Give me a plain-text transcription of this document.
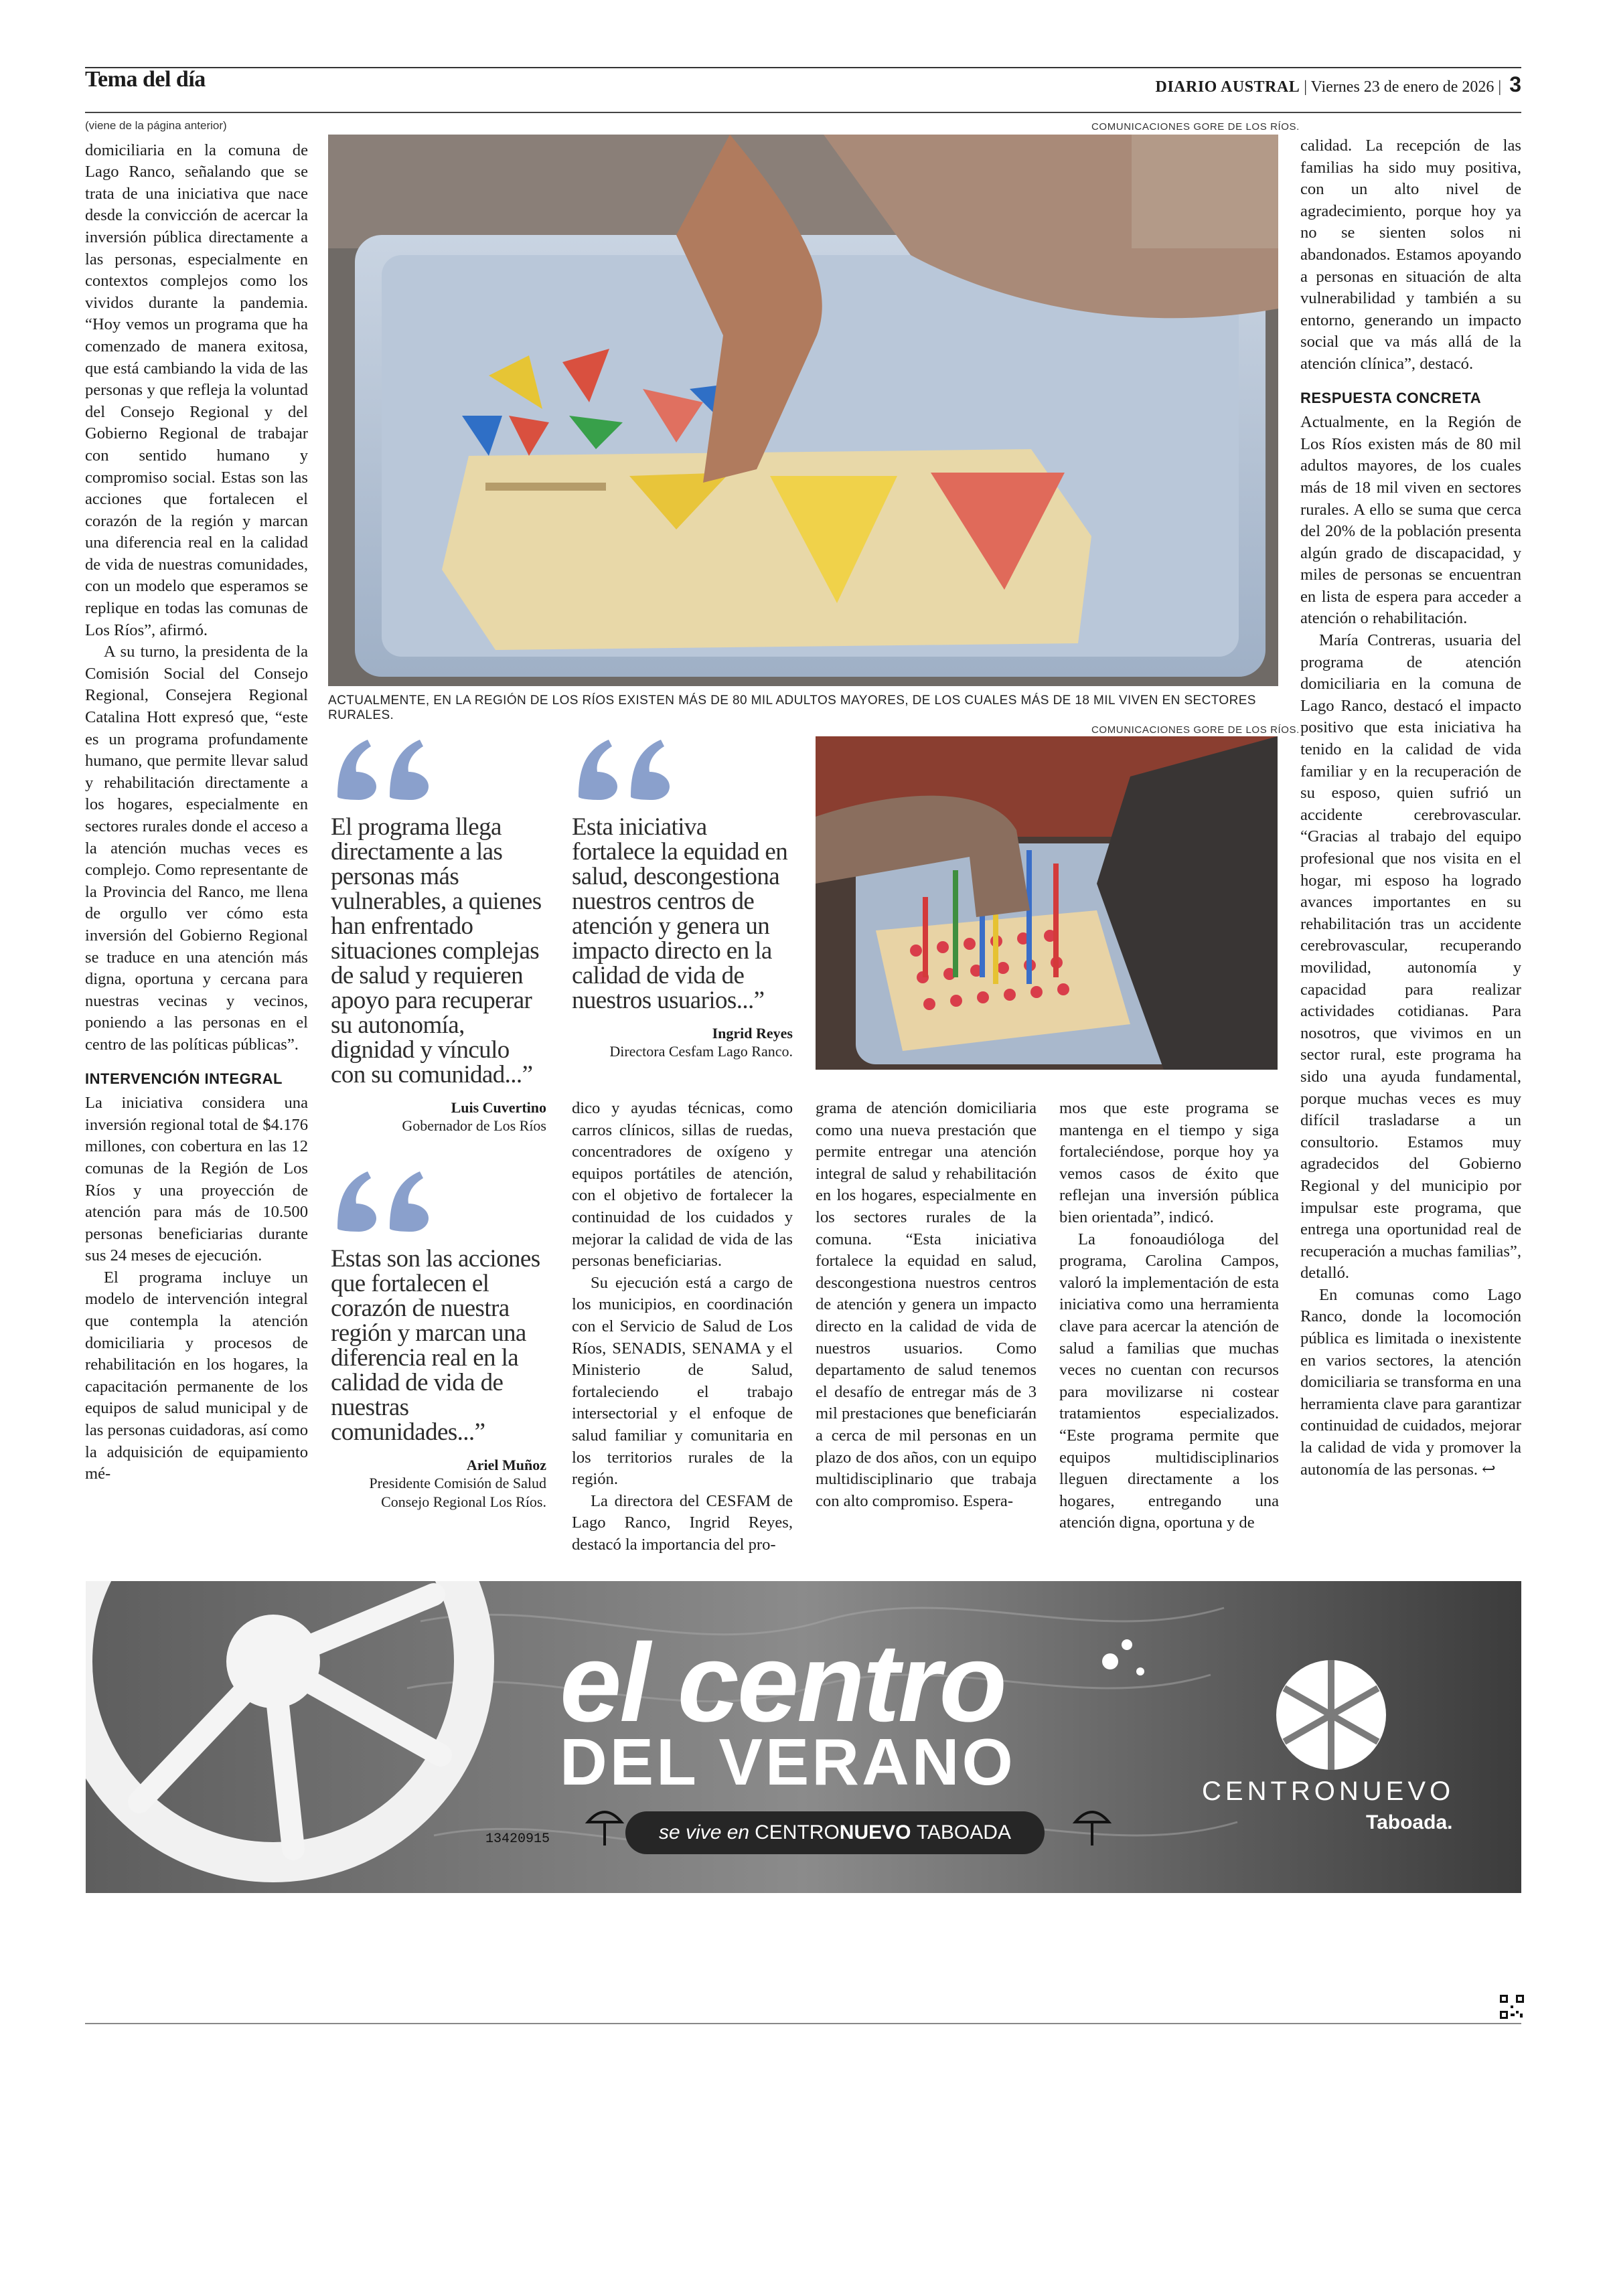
Tema del día	DIARIO AUSTRAL | Viernes 23 de enero de 2026 | 3
(viene de la página anterior)

domiciliaria en la comuna de Lago Ranco, señalando que se trata de una iniciativa que nace desde la convicción de acercar la inversión pública directamente a las personas, especialmente en contextos complejos como los vividos durante la pandemia. “Hoy vemos un programa que ha comenzado de manera exitosa, que está cambiando la vida de las personas y que refleja la voluntad del Consejo Regional y del Gobierno Regional de trabajar con sentido humano y compromiso social. Estas son las acciones que fortalecen el corazón de la región y marcan una diferencia real en la calidad de vida de nuestras comunidades, con un modelo que esperamos se replique en todas las comunas de Los Ríos”, afirmó.

A su turno, la presidenta de la Comisión Social del Consejo Regional, Consejera Regional Catalina Hott expresó que, “este es un programa profundamente humano, que permite llevar salud y rehabilitación directamente a los hogares, especialmente en sectores rurales donde el acceso a la atención muchas veces es complejo. Como representante de la Provincia del Ranco, me llena de orgullo ver cómo esta inversión del Gobierno Regional se traduce en una atención más digna, oportuna y cercana para nuestras vecinas y vecinos, poniendo a las personas en el centro de las políticas públicas”.

INTERVENCIÓN INTEGRAL

La iniciativa considera una inversión regional total de $4.176 millones, con cobertura en las 12 comunas de la Región de Los Ríos y una proyección de atención para más de 10.500 personas beneficiarias durante sus 24 meses de ejecución.

El programa incluye un modelo de intervención integral que contempla la atención domiciliaria y procesos de rehabilitación en los hogares, la capacitación permanente de los equipos de salud municipal y de las personas cuidadoras, así como la adquisición de equipamiento mé-

COMUNICACIONES GORE DE LOS RÍOS.
ACTUALMENTE, EN LA REGIÓN DE LOS RÍOS EXISTEN MÁS DE 80 MIL ADULTOS MAYORES, DE LOS CUALES MÁS DE 18 MIL VIVEN EN SECTORES RURALES.
El programa llega directamente a las personas más vulnerables, a quienes han enfrentado situaciones complejas de salud y requieren apoyo para recuperar su autonomía, dignidad y vínculo con su comunidad...”
Luis Cuvertino
Gobernador de Los Ríos
Esta iniciativa fortalece la equidad en salud, descongestiona nuestros centros de atención y genera un impacto directo en la calidad de vida de nuestros usuarios...”
Ingrid Reyes
Directora Cesfam Lago Ranco.
COMUNICACIONES GORE DE LOS RÍOS.
Estas son las acciones que fortalecen el corazón de nuestra región y marcan una diferencia real en la calidad de vida de nuestras comunidades...”
Ariel Muñoz
Presidente Comisión de Salud Consejo Regional Los Ríos.

dico y ayudas técnicas, como carros clínicos, sillas de ruedas, concentradores de oxígeno y equipos portátiles de atención, con el objetivo de fortalecer la continuidad de los cuidados y mejorar la calidad de vida de las personas beneficiarias.

Su ejecución está a cargo de los municipios, en coordinación con el Servicio de Salud de Los Ríos, SENADIS, SENAMA y el Ministerio de Salud, fortaleciendo el trabajo intersectorial y el enfoque de salud familiar y comunitaria en los territorios rurales de la región.

La directora del CESFAM de Lago Ranco, Ingrid Reyes, destacó la importancia del pro-

grama de atención domiciliaria como una nueva prestación que permite entregar una atención integral de salud y rehabilitación en los hogares, especialmente en los sectores rurales de la comuna. “Esta iniciativa fortalece la equidad en salud, descongestiona nuestros centros de atención y genera un impacto directo en la calidad de vida de nuestros usuarios. Como departamento de salud tenemos el desafío de entregar más de 3 mil prestaciones que beneficiarán a cerca de mil personas en un plazo de dos años, con un equipo multidisciplinario que trabaja con alto compromiso. Espera-

mos que este programa se mantenga en el tiempo y siga fortaleciéndose, porque hoy ya vemos casos de éxito que reflejan una inversión pública bien orientada”, indicó.

La fonoaudióloga del programa, Carolina Campos, valoró la implementación de esta iniciativa como una herramienta clave para acercar la atención de salud a familias que muchas veces no cuentan con recursos para movilizarse ni costear tratamientos especializados. “Este programa permite que equipos multidisciplinarios lleguen directamente a los hogares, entregando una atención digna, oportuna y de

calidad. La recepción de las familias ha sido muy positiva, con un alto nivel de agradecimiento, porque hoy ya no se sienten solos ni abandonados. Estamos apoyando a personas en situación de alta vulnerabilidad y también a su entorno, generando un impacto social que va más allá de la atención clínica”, destacó.

RESPUESTA CONCRETA

Actualmente, en la Región de Los Ríos existen más de 80 mil adultos mayores, de los cuales más de 18 mil viven en sectores rurales. A ello se suma que cerca del 20% de la población presenta algún grado de discapacidad, y miles de personas se encuentran en lista de espera para acceder a atención o rehabilitación.

María Contreras, usuaria del programa de atención domiciliaria en la comuna de Lago Ranco, destacó el impacto positivo que esta iniciativa ha tenido en la calidad de vida familiar y en la recuperación de su esposo, quien sufrió un accidente cerebrovascular. “Gracias al trabajo del equipo profesional que nos visita en el hogar, mi esposo ha logrado avances importantes en su rehabilitación tras un accidente cerebrovascular, recuperando movilidad, autonomía y capacidad para realizar actividades cotidianas. Para nosotros, que vivimos en un sector rural, este programa ha sido una ayuda fundamental, porque muchas veces es muy difícil trasladarse a un consultorio. Estamos muy agradecidos del Gobierno Regional y del municipio por impulsar este programa, que entrega una oportunidad real de recuperación a muchas familias”, detalló.

En comunas como Lago Ranco, donde la locomoción pública es limitada o inexistente en varios sectores, la atención domiciliaria se transforma en una herramienta clave para garantizar continuidad de cuidados, mejorar la calidad de vida y promover la autonomía de las personas. ↩

el centro
DEL VERANO
se vive en CENTRO NUEVO
TABOADA
13420915
CENTRONUEVO
Taboada.
